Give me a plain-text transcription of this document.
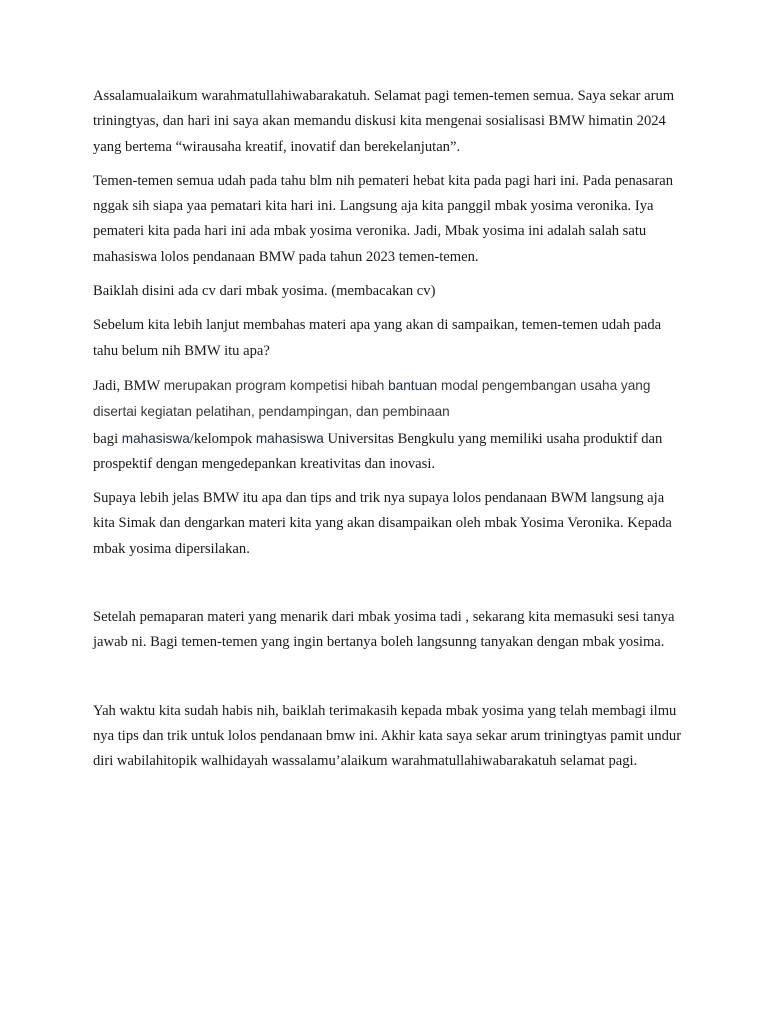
Assalamualaikum warahmatullahiwabarakatuh. Selamat pagi temen-temen semua. Saya sekar arum triningtyas, dan hari ini saya akan memandu diskusi kita mengenai sosialisasi BMW himatin 2024 yang bertema “wirausaha kreatif, inovatif dan berekelanjutan”.

Temen-temen semua udah pada tahu blm nih pemateri hebat kita pada pagi hari ini. Pada penasaran nggak sih siapa yaa pematari kita hari ini. Langsung aja kita panggil mbak yosima veronika. Iya pemateri kita pada hari ini ada mbak yosima veronika. Jadi, Mbak yosima ini adalah salah satu mahasiswa lolos pendanaan BMW pada tahun 2023 temen-temen.

Baiklah disini ada cv dari mbak yosima. (membacakan cv)

Sebelum kita lebih lanjut membahas materi apa yang akan di sampaikan, temen-temen udah pada tahu belum nih BMW itu apa?

Jadi, BMW merupakan program kompetisi hibah bantuan modal pengembangan usaha yang disertai kegiatan pelatihan, pendampingan, dan pembinaan
bagi mahasiswa/kelompok mahasiswa Universitas Bengkulu yang memiliki usaha produktif dan prospektif dengan mengedepankan kreativitas dan inovasi.

Supaya lebih jelas BMW itu apa dan tips and trik nya supaya lolos pendanaan BWM langsung aja kita Simak dan dengarkan materi kita yang akan disampaikan oleh mbak Yosima Veronika. Kepada mbak yosima dipersilakan.

Setelah pemaparan materi yang menarik dari mbak yosima tadi , sekarang kita memasuki sesi tanya jawab ni. Bagi temen-temen yang ingin bertanya boleh langsunng tanyakan dengan mbak yosima.

Yah waktu kita sudah habis nih, baiklah terimakasih kepada mbak yosima yang telah membagi ilmu nya tips dan trik untuk lolos pendanaan bmw ini. Akhir kata saya sekar arum triningtyas pamit undur diri wabilahitopik walhidayah wassalamu’alaikum warahmatullahiwabarakatuh selamat pagi.
